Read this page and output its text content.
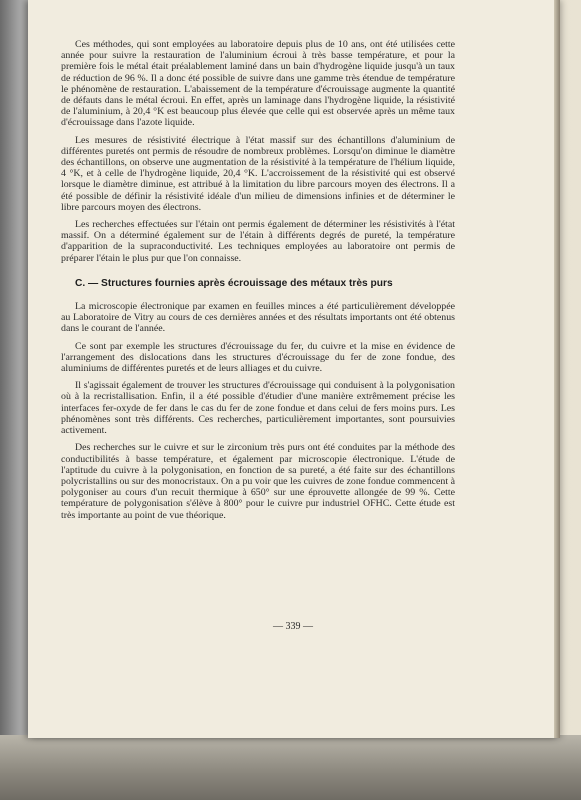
Ces méthodes, qui sont employées au laboratoire depuis plus de 10 ans, ont été utilisées cette année pour suivre la restauration de l'aluminium écroui à très basse température, et pour la première fois le métal était préalablement laminé dans un bain d'hydrogène liquide jusqu'à un taux de réduction de 96 %. Il a donc été possible de suivre dans une gamme très étendue de température le phénomène de restauration. L'abaissement de la température d'écrouissage augmente la quantité de défauts dans le métal écroui. En effet, après un laminage dans l'hydrogène liquide, la résistivité de l'aluminium, à 20,4 °K est beaucoup plus élevée que celle qui est observée après un même taux d'écrouissage dans l'azote liquide.

Les mesures de résistivité électrique à l'état massif sur des échantillons d'aluminium de différentes puretés ont permis de résoudre de nombreux problèmes. Lorsqu'on diminue le diamètre des échantillons, on observe une augmentation de la résistivité à la température de l'hélium liquide, 4 °K, et à celle de l'hydrogène liquide, 20,4 °K. L'accroissement de la résistivité qui est observé lorsque le diamètre diminue, est attribué à la limitation du libre parcours moyen des électrons. Il a été possible de définir la résistivité idéale d'un milieu de dimensions infinies et de déterminer le libre parcours moyen des électrons.

Les recherches effectuées sur l'étain ont permis également de déterminer les résistivités à l'état massif. On a déterminé également sur de l'étain à différents degrés de pureté, la température d'apparition de la supraconductivité. Les techniques employées au laboratoire ont permis de préparer l'étain le plus pur que l'on connaisse.

C. — Structures fournies après écrouissage des métaux très purs

La microscopie électronique par examen en feuilles minces a été particulièrement développée au Laboratoire de Vitry au cours de ces dernières années et des résultats importants ont été obtenus dans le courant de l'année.

Ce sont par exemple les structures d'écrouissage du fer, du cuivre et la mise en évidence de l'arrangement des dislocations dans les structures d'écrouissage du fer de zone fondue, des aluminiums de différentes puretés et de leurs alliages et du cuivre.

Il s'agissait également de trouver les structures d'écrouissage qui conduisent à la polygonisation où à la recristallisation. Enfin, il a été possible d'étudier d'une manière extrêmement précise les interfaces fer-oxyde de fer dans le cas du fer de zone fondue et dans celui de fers moins purs. Les phénomènes sont très différents. Ces recherches, particulièrement importantes, sont poursuivies activement.

Des recherches sur le cuivre et sur le zirconium très purs ont été conduites par la méthode des conductibilités à basse température, et également par microscopie électronique. L'étude de l'aptitude du cuivre à la polygonisation, en fonction de sa pureté, a été faite sur des échantillons polycristallins ou sur des monocristaux. On a pu voir que les cuivres de zone fondue commencent à polygoniser au cours d'un recuit thermique à 650° sur une éprouvette allongée de 99 %. Cette température de polygonisation s'élève à 800° pour le cuivre pur industriel OFHC. Cette étude est très importante au point de vue théorique.

— 339 —
